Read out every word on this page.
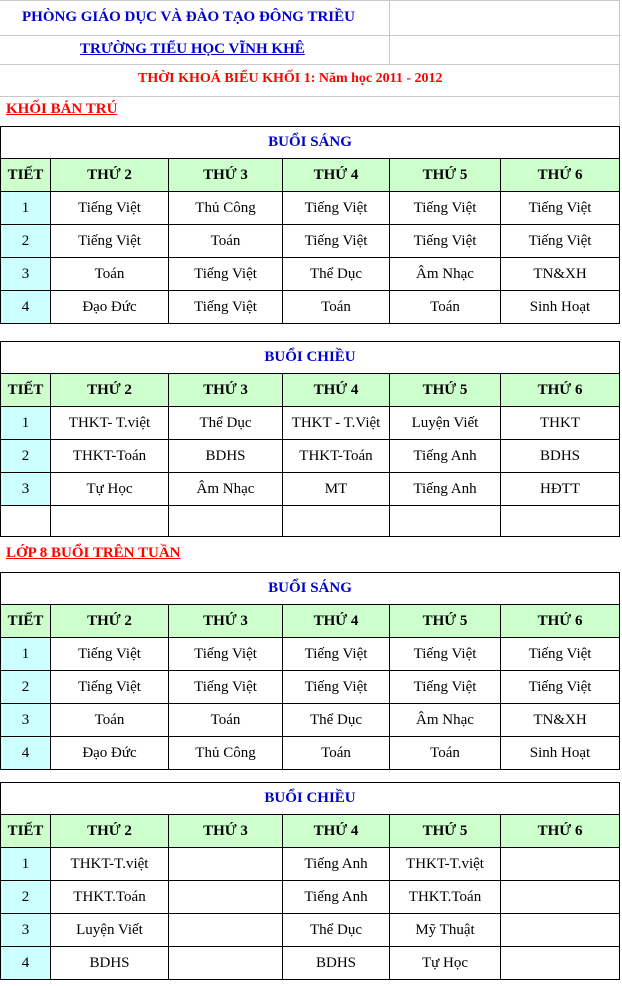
PHÒNG GIÁO DỤC VÀ ĐÀO TẠO ĐÔNG TRIỀU
TRƯỜNG TIỂU HỌC VĨNH KHÊ
THỜI KHOÁ BIỂU KHỐI 1: Năm học 2011 - 2012
KHỐI BÁN TRÚ
BUỔI SÁNG					
TIẾT	THỨ 2	THỨ 3	THỨ 4	THỨ 5	THỨ 6
1	Tiếng Việt	Thủ Công	Tiếng Việt	Tiếng Việt	Tiếng Việt
2	Tiếng Việt	Toán	Tiếng Việt	Tiếng Việt	Tiếng Việt
3	Toán	Tiếng Việt	Thể Dục	Âm Nhạc	TN&XH
4	Đạo Đức	Tiếng Việt	Toán	Toán	Sinh Hoạt
BUỔI CHIỀU					
TIẾT	THỨ 2	THỨ 3	THỨ 4	THỨ 5	THỨ 6
1	THKT- T.việt	Thể Dục	THKT - T.Việt	Luyện Viết	THKT
2	THKT-Toán	BDHS	THKT-Toán	Tiếng Anh	BDHS
3	Tự Học	Âm Nhạc	MT	Tiếng Anh	HĐTT

LỚP 8 BUỔI TRÊN TUẦN
BUỔI SÁNG					
TIẾT	THỨ 2	THỨ 3	THỨ 4	THỨ 5	THỨ 6
1	Tiếng Việt	Tiếng Việt	Tiếng Việt	Tiếng Việt	Tiếng Việt
2	Tiếng Việt	Tiếng Việt	Tiếng Việt	Tiếng Việt	Tiếng Việt
3	Toán	Toán	Thể Dục	Âm Nhạc	TN&XH
4	Đạo Đức	Thủ Công	Toán	Toán	Sinh Hoạt
BUỔI CHIỀU					
TIẾT	THỨ 2	THỨ 3	THỨ 4	THỨ 5	THỨ 6
1	THKT-T.việt		Tiếng Anh	THKT-T.việt	
2	THKT.Toán		Tiếng Anh	THKT.Toán	
3	Luyện Viết		Thể Dục	Mỹ Thuật	
4	BDHS		BDHS	Tự Học	
